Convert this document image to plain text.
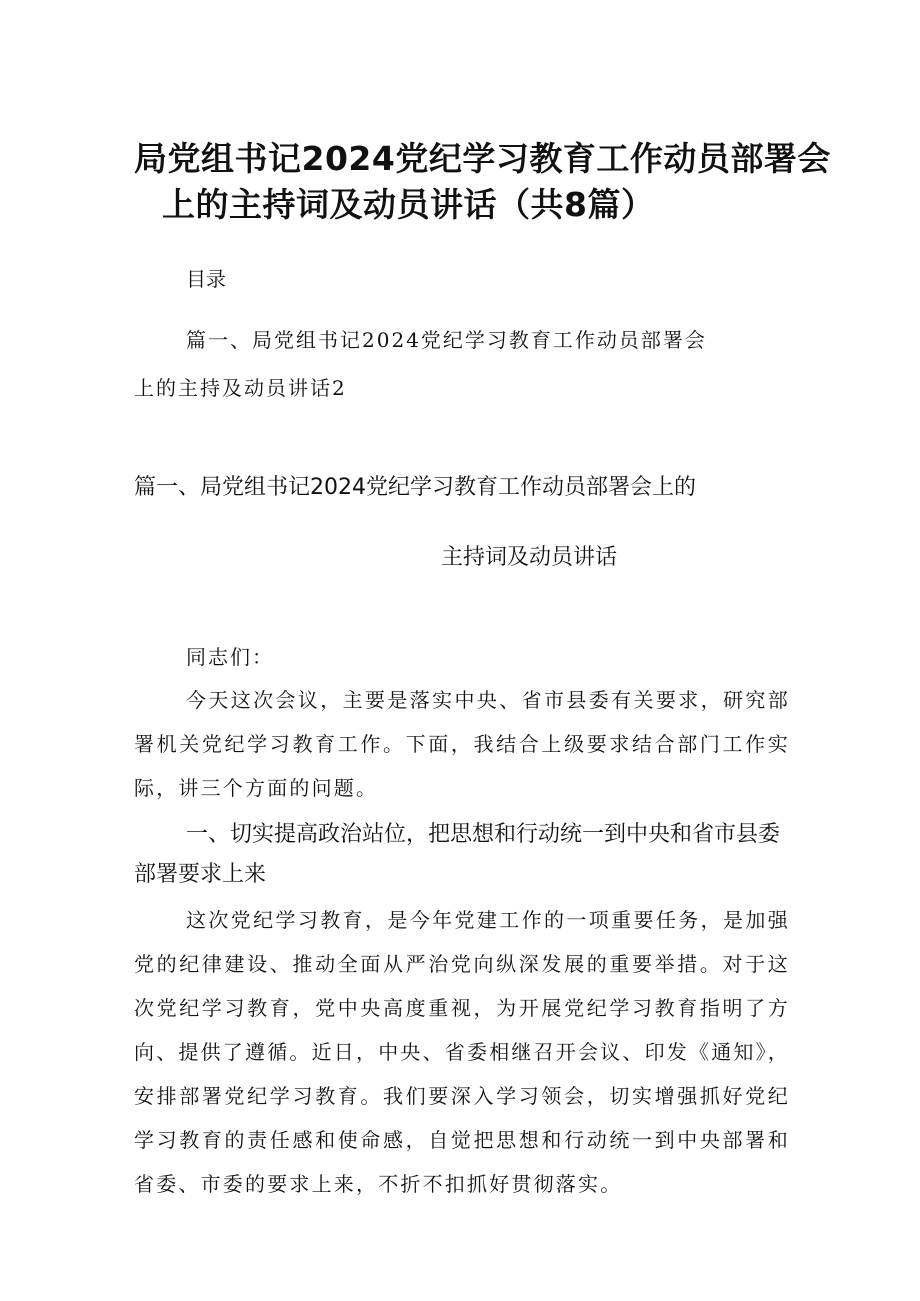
局党组书记2024党纪学习教育工作动员部署会
上的主持词及动员讲话（共8篇）
目录
篇一、局党组书记2024党纪学习教育工作动员部署会
上的主持及动员讲话2
篇一、局党组书记2024党纪学习教育工作动员部署会上的
主持词及动员讲话
同志们：

今天这次会议，主要是落实中央、省市县委有关要求，研究部署机关党纪学习教育工作。下面，我结合上级要求结合部门工作实际，讲三个方面的问题。

一、切实提高政治站位，把思想和行动统一到中央和省市县委部署要求上来

这次党纪学习教育，是今年党建工作的一项重要任务，是加强党的纪律建设、推动全面从严治党向纵深发展的重要举措。对于这次党纪学习教育，党中央高度重视，为开展党纪学习教育指明了方向、提供了遵循。近日，中央、省委相继召开会议、印发《通知》，安排部署党纪学习教育。我们要深入学习领会，切实增强抓好党纪学习教育的责任感和使命感，自觉把思想和行动统一到中央部署和省委、市委的要求上来，不折不扣抓好贯彻落实。
